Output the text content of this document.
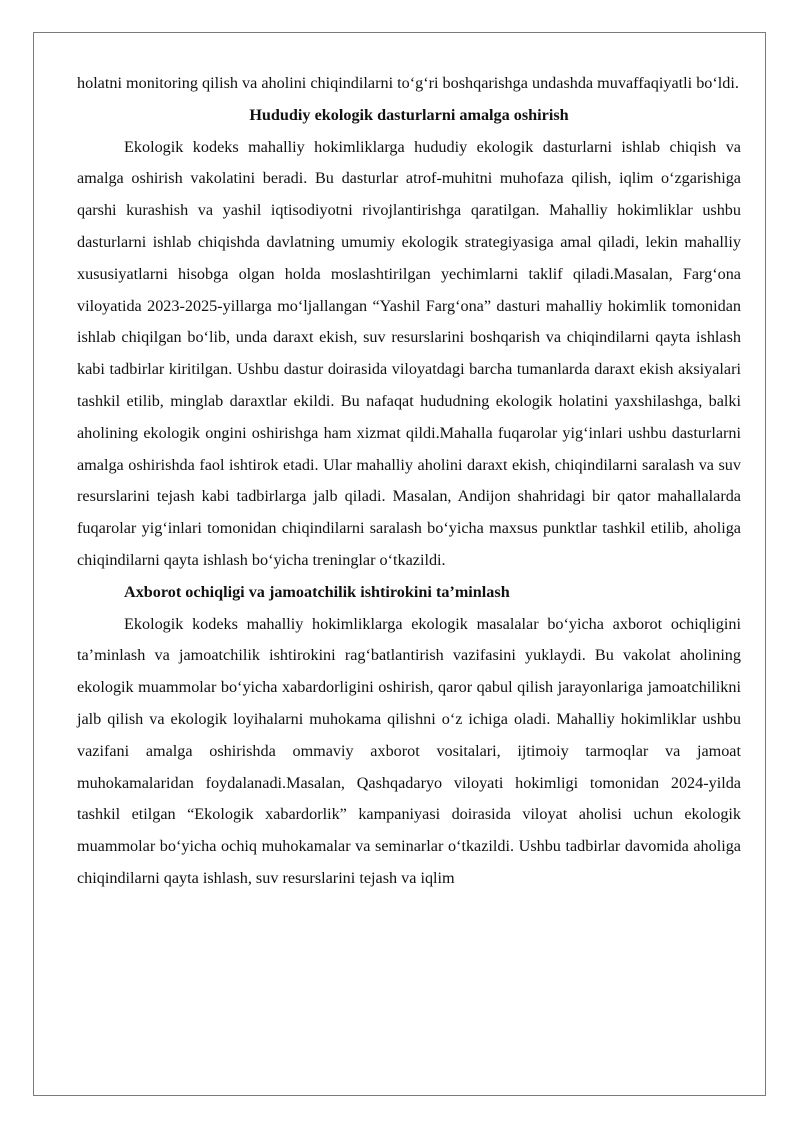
holatni monitoring qilish va aholini chiqindilarni to‘g‘ri boshqarishga undashda muvaffaqiyatli bo‘ldi.

Hududiy ekologik dasturlarni amalga oshirish

Ekologik kodeks mahalliy hokimliklarga hududiy ekologik dasturlarni ishlab chiqish va amalga oshirish vakolatini beradi. Bu dasturlar atrof-muhitni muhofaza qilish, iqlim o‘zgarishiga qarshi kurashish va yashil iqtisodiyotni rivojlantirishga qaratilgan. Mahalliy hokimliklar ushbu dasturlarni ishlab chiqishda davlatning umumiy ekologik strategiyasiga amal qiladi, lekin mahalliy xususiyatlarni hisobga olgan holda moslashtirilgan yechimlarni taklif qiladi.Masalan, Farg‘ona viloyatida 2023-2025-yillarga mo‘ljallangan “Yashil Farg‘ona” dasturi mahalliy hokimlik tomonidan ishlab chiqilgan bo‘lib, unda daraxt ekish, suv resurslarini boshqarish va chiqindilarni qayta ishlash kabi tadbirlar kiritilgan. Ushbu dastur doirasida viloyatdagi barcha tumanlarda daraxt ekish aksiyalari tashkil etilib, minglab daraxtlar ekildi. Bu nafaqat hududning ekologik holatini yaxshilashga, balki aholining ekologik ongini oshirishga ham xizmat qildi.Mahalla fuqarolar yig‘inlari ushbu dasturlarni amalga oshirishda faol ishtirok etadi. Ular mahalliy aholini daraxt ekish, chiqindilarni saralash va suv resurslarini tejash kabi tadbirlarga jalb qiladi. Masalan, Andijon shahridagi bir qator mahallalarda fuqarolar yig‘inlari tomonidan chiqindilarni saralash bo‘yicha maxsus punktlar tashkil etilib, aholiga chiqindilarni qayta ishlash bo‘yicha treninglar o‘tkazildi.

Axborot ochiqligi va jamoatchilik ishtirokini ta’minlash

Ekologik kodeks mahalliy hokimliklarga ekologik masalalar bo‘yicha axborot ochiqligini ta’minlash va jamoatchilik ishtirokini rag‘batlantirish vazifasini yuklaydi. Bu vakolat aholining ekologik muammolar bo‘yicha xabardorligini oshirish, qaror qabul qilish jarayonlariga jamoatchilikni jalb qilish va ekologik loyihalarni muhokama qilishni o‘z ichiga oladi. Mahalliy hokimliklar ushbu vazifani amalga oshirishda ommaviy axborot vositalari, ijtimoiy tarmoqlar va jamoat muhokamalaridan foydalanadi.Masalan, Qashqadaryo viloyati hokimligi tomonidan 2024-yilda tashkil etilgan “Ekologik xabardorlik” kampaniyasi doirasida viloyat aholisi uchun ekologik muammolar bo‘yicha ochiq muhokamalar va seminarlar o‘tkazildi. Ushbu tadbirlar davomida aholiga chiqindilarni qayta ishlash, suv resurslarini tejash va iqlim
